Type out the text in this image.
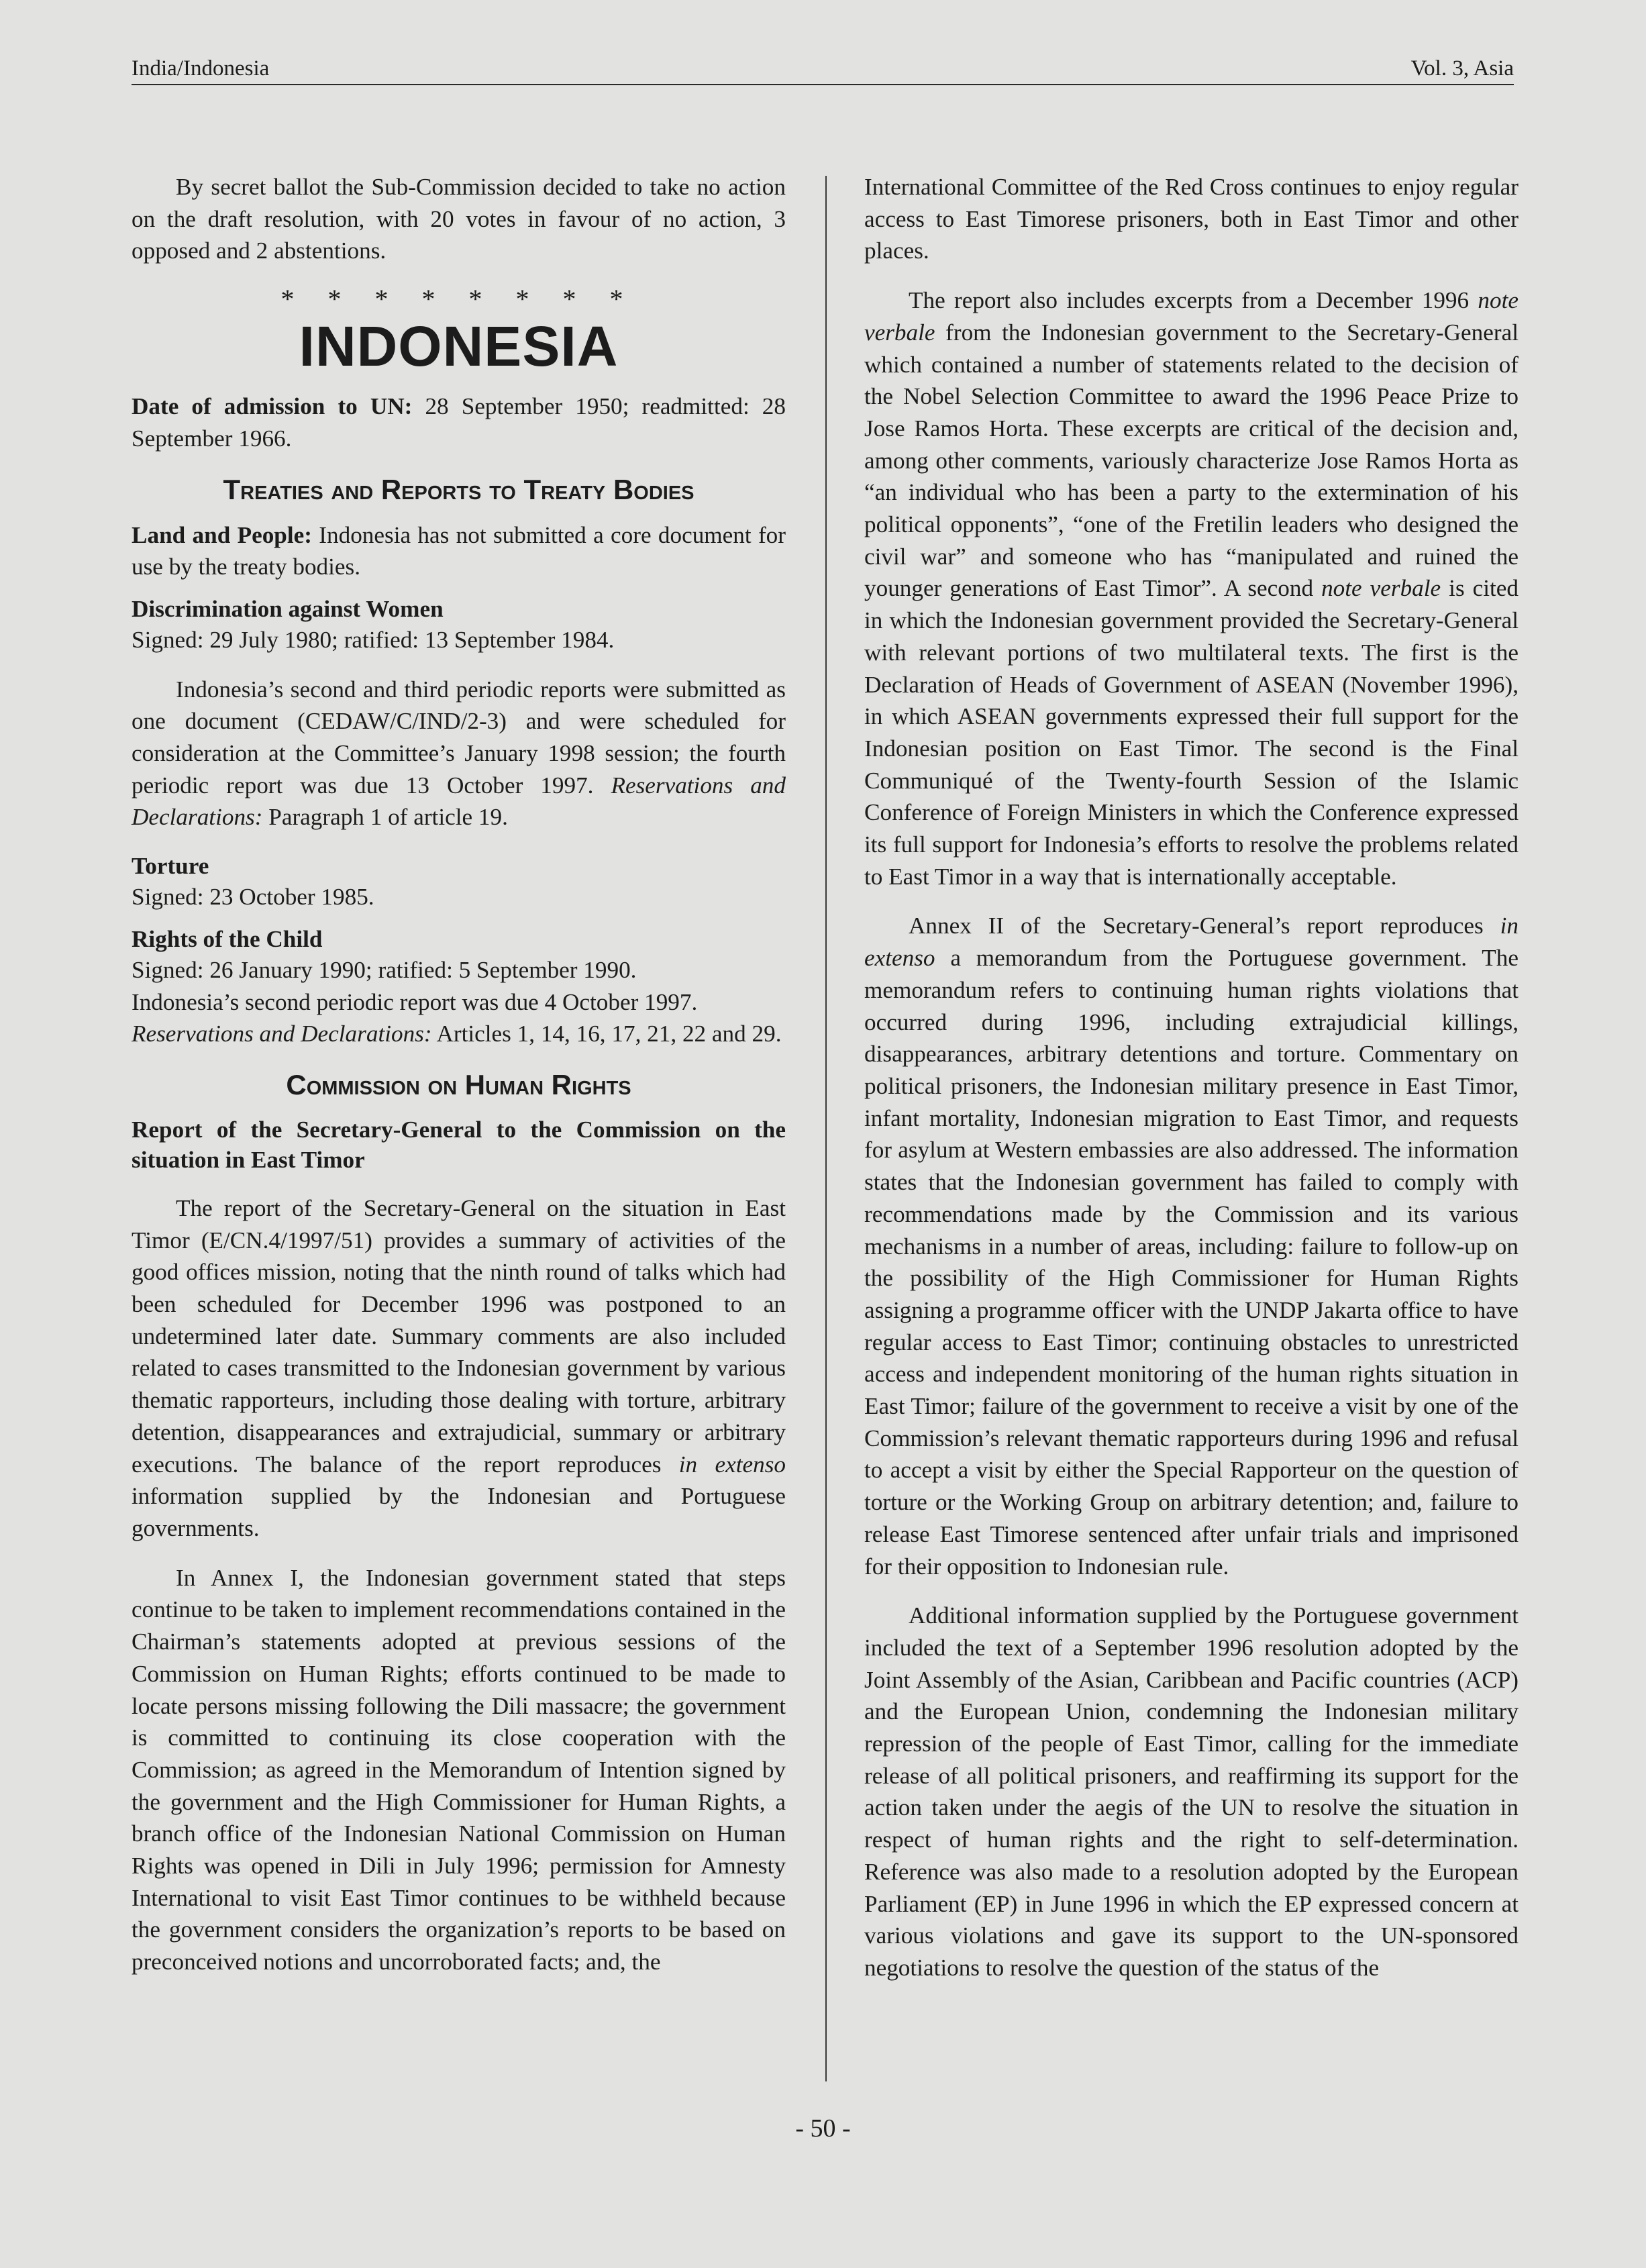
India/Indonesia	Vol. 3, Asia

By secret ballot the Sub-Commission decided to take no action on the draft resolution, with 20 votes in favour of no action, 3 opposed and 2 abstentions.

* * * * * * * *
INDONESIA

Date of admission to UN: 28 September 1950; readmitted: 28 September 1966.

Treaties and Reports to Treaty Bodies

Land and People: Indonesia has not submitted a core document for use by the treaty bodies.

Discrimination against Women

Signed: 29 July 1980; ratified: 13 September 1984.

Indonesia’s second and third periodic reports were submitted as one document (CEDAW/C/IND/2-3) and were scheduled for consideration at the Committee’s January 1998 session; the fourth periodic report was due 13 October 1997. Reservations and Declarations: Paragraph 1 of article 19.

Torture

Signed: 23 October 1985.

Rights of the Child

Signed: 26 January 1990; ratified: 5 September 1990.

Indonesia’s second periodic report was due 4 October 1997.

Reservations and Declarations: Articles 1, 14, 16, 17, 21, 22 and 29.

Commission on Human Rights

Report of the Secretary-General to the Commission on the situation in East Timor

The report of the Secretary-General on the situation in East Timor (E/CN.4/1997/51) provides a summary of activities of the good offices mission, noting that the ninth round of talks which had been scheduled for December 1996 was postponed to an undetermined later date. Summary comments are also included related to cases transmitted to the Indonesian government by various thematic rapporteurs, including those dealing with torture, arbitrary detention, disappearances and extrajudicial, summary or arbitrary executions. The balance of the report reproduces in extenso information supplied by the Indonesian and Portuguese governments.

In Annex I, the Indonesian government stated that steps continue to be taken to implement recommendations contained in the Chairman’s statements adopted at previous sessions of the Commission on Human Rights; efforts continued to be made to locate persons missing following the Dili massacre; the government is committed to continuing its close cooperation with the Commission; as agreed in the Memorandum of Intention signed by the government and the High Commissioner for Human Rights, a branch office of the Indonesian National Commission on Human Rights was opened in Dili in July 1996; permission for Amnesty International to visit East Timor continues to be withheld because the government considers the organization’s reports to be based on preconceived notions and uncorroborated facts; and, the

International Committee of the Red Cross continues to enjoy regular access to East Timorese prisoners, both in East Timor and other places.

The report also includes excerpts from a December 1996 note verbale from the Indonesian government to the Secretary-General which contained a number of statements related to the decision of the Nobel Selection Committee to award the 1996 Peace Prize to Jose Ramos Horta. These excerpts are critical of the decision and, among other comments, variously characterize Jose Ramos Horta as “an individual who has been a party to the extermination of his political opponents”, “one of the Fretilin leaders who designed the civil war” and someone who has “manipulated and ruined the younger generations of East Timor”. A second note verbale is cited in which the Indonesian government provided the Secretary-General with relevant portions of two multilateral texts. The first is the Declaration of Heads of Government of ASEAN (November 1996), in which ASEAN governments expressed their full support for the Indonesian position on East Timor. The second is the Final Communiqué of the Twenty-fourth Session of the Islamic Conference of Foreign Ministers in which the Conference expressed its full support for Indonesia’s efforts to resolve the problems related to East Timor in a way that is internationally acceptable.

Annex II of the Secretary-General’s report reproduces in extenso a memorandum from the Portuguese government. The memorandum refers to continuing human rights violations that occurred during 1996, including extrajudicial killings, disappearances, arbitrary detentions and torture. Commentary on political prisoners, the Indonesian military presence in East Timor, infant mortality, Indonesian migration to East Timor, and requests for asylum at Western embassies are also addressed. The information states that the Indonesian government has failed to comply with recommendations made by the Commission and its various mechanisms in a number of areas, including: failure to follow-up on the possibility of the High Commissioner for Human Rights assigning a programme officer with the UNDP Jakarta office to have regular access to East Timor; continuing obstacles to unrestricted access and independent monitoring of the human rights situation in East Timor; failure of the government to receive a visit by one of the Commission’s relevant thematic rapporteurs during 1996 and refusal to accept a visit by either the Special Rapporteur on the question of torture or the Working Group on arbitrary detention; and, failure to release East Timorese sentenced after unfair trials and imprisoned for their opposition to Indonesian rule.

Additional information supplied by the Portuguese government included the text of a September 1996 resolution adopted by the Joint Assembly of the Asian, Caribbean and Pacific countries (ACP) and the European Union, condemning the Indonesian military repression of the people of East Timor, calling for the immediate release of all political prisoners, and reaffirming its support for the action taken under the aegis of the UN to resolve the situation in respect of human rights and the right to self-determination. Reference was also made to a resolution adopted by the European Parliament (EP) in June 1996 in which the EP expressed concern at various violations and gave its support to the UN-sponsored negotiations to resolve the question of the status of the

- 50 -
